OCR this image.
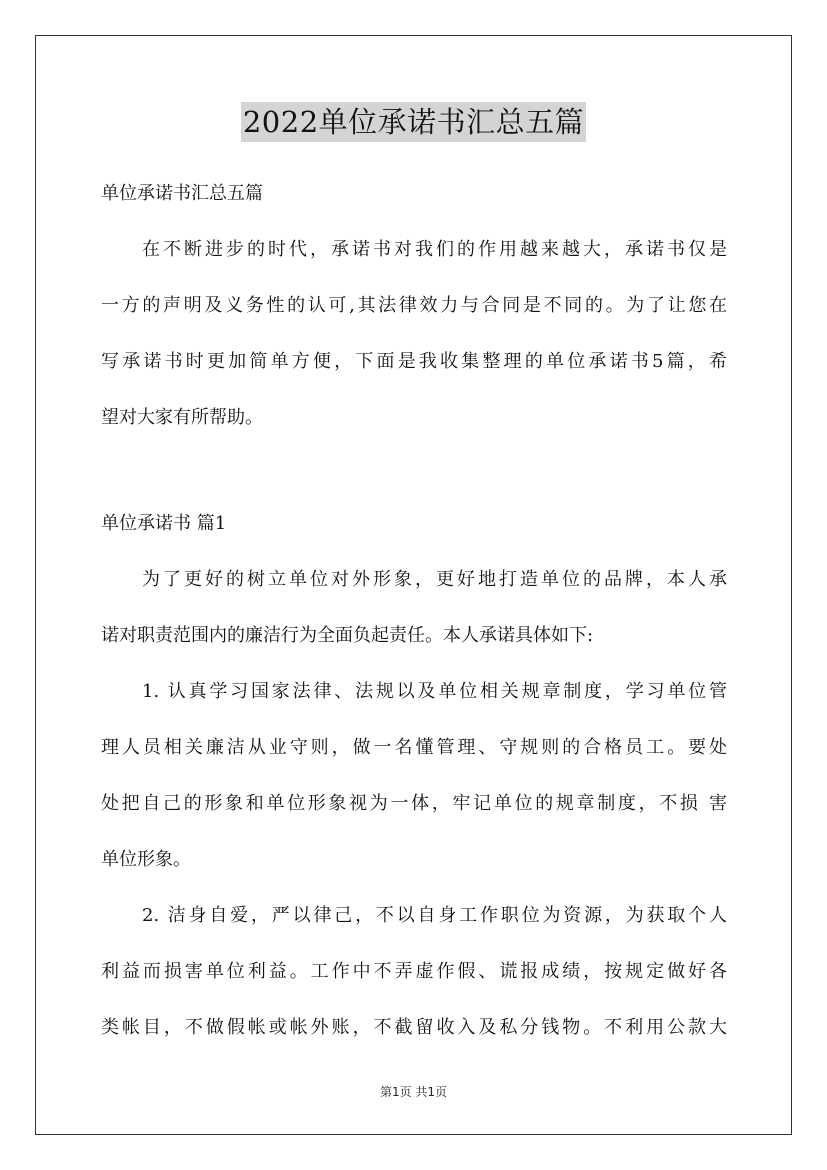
2022单位承诺书汇总五篇
单位承诺书汇总五篇
在不断进步的时代，承诺书对我们的作用越来越大，承诺书仅是
一方的声明及义务性的认可,其法律效力与合同是不同的。为了让您在
写承诺书时更加简单方便，下面是我收集整理的单位承诺书5篇，希
望对大家有所帮助。
单位承诺书 篇1
为了更好的树立单位对外形象，更好地打造单位的品牌，本人承
诺对职责范围内的廉洁行为全面负起责任。本人承诺具体如下:
1. 认真学习国家法律、法规以及单位相关规章制度，学习单位管
理人员相关廉洁从业守则，做一名懂管理、守规则的合格员工。要处
处把自己的形象和单位形象视为一体，牢记单位的规章制度，不损 害
单位形象。
2. 洁身自爱，严以律己，不以自身工作职位为资源，为获取个人
利益而损害单位利益。工作中不弄虚作假、谎报成绩，按规定做好各
类帐目，不做假帐或帐外账，不截留收入及私分钱物。不利用公款大
第1页 共1页
